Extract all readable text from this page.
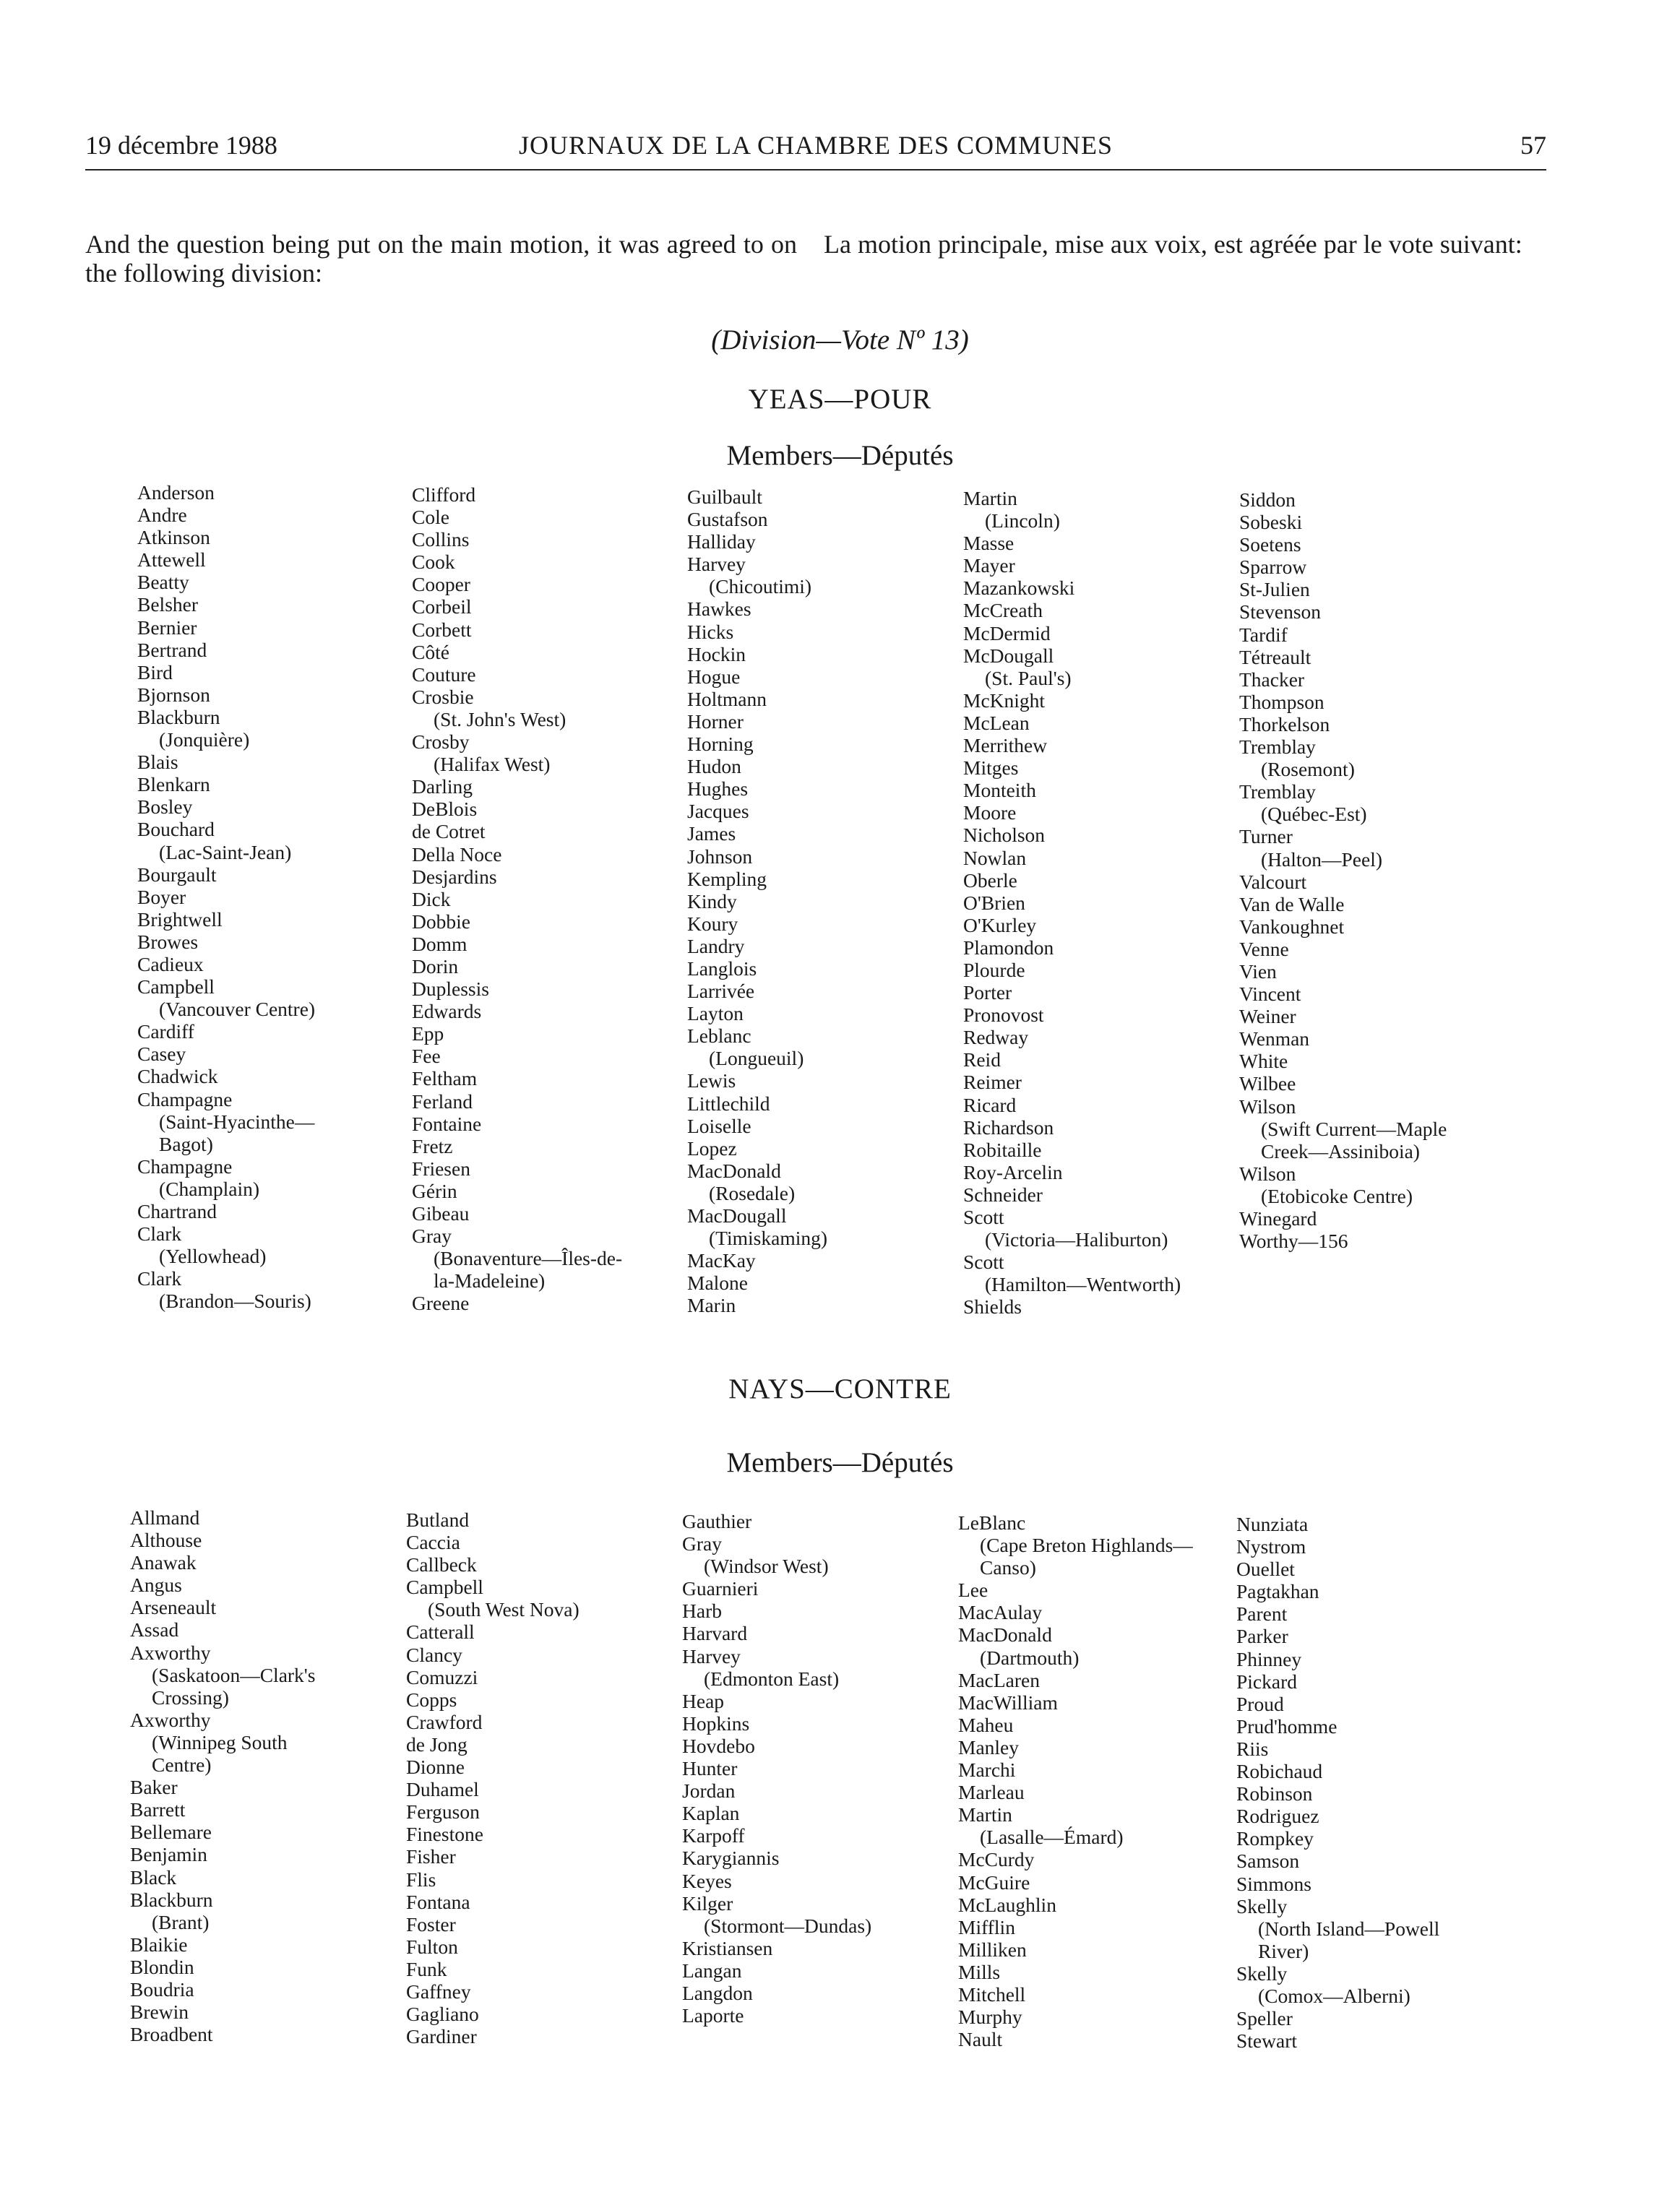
19 décembre 1988	JOURNAUX DE LA CHAMBRE DES COMMUNES	57
And the question being put on the main motion, it was agreed to on the following division:
La motion principale, mise aux voix, est agréée par le vote suivant:
(Division—Vote Nº 13)
YEAS—POUR
Members—Députés
Anderson
Andre
Atkinson
Attewell
Beatty
Belsher
Bernier
Bertrand
Bird
Bjornson
Blackburn
(Jonquière)
Blais
Blenkarn
Bosley
Bouchard
(Lac-Saint-Jean)
Bourgault
Boyer
Brightwell
Browes
Cadieux
Campbell
(Vancouver Centre)
Cardiff
Casey
Chadwick
Champagne
(Saint-Hyacinthe—
Bagot)
Champagne
(Champlain)
Chartrand
Clark
(Yellowhead)
Clark
(Brandon—Souris)
Clifford
Cole
Collins
Cook
Cooper
Corbeil
Corbett
Côté
Couture
Crosbie
(St. John's West)
Crosby
(Halifax West)
Darling
DeBlois
de Cotret
Della Noce
Desjardins
Dick
Dobbie
Domm
Dorin
Duplessis
Edwards
Epp
Fee
Feltham
Ferland
Fontaine
Fretz
Friesen
Gérin
Gibeau
Gray
(Bonaventure—Îles-de-
la-Madeleine)
Greene
Guilbault
Gustafson
Halliday
Harvey
(Chicoutimi)
Hawkes
Hicks
Hockin
Hogue
Holtmann
Horner
Horning
Hudon
Hughes
Jacques
James
Johnson
Kempling
Kindy
Koury
Landry
Langlois
Larrivée
Layton
Leblanc
(Longueuil)
Lewis
Littlechild
Loiselle
Lopez
MacDonald
(Rosedale)
MacDougall
(Timiskaming)
MacKay
Malone
Marin
Martin
(Lincoln)
Masse
Mayer
Mazankowski
McCreath
McDermid
McDougall
(St. Paul's)
McKnight
McLean
Merrithew
Mitges
Monteith
Moore
Nicholson
Nowlan
Oberle
O'Brien
O'Kurley
Plamondon
Plourde
Porter
Pronovost
Redway
Reid
Reimer
Ricard
Richardson
Robitaille
Roy-Arcelin
Schneider
Scott
(Victoria—Haliburton)
Scott
(Hamilton—Wentworth)
Shields
Siddon
Sobeski
Soetens
Sparrow
St-Julien
Stevenson
Tardif
Tétreault
Thacker
Thompson
Thorkelson
Tremblay
(Rosemont)
Tremblay
(Québec-Est)
Turner
(Halton—Peel)
Valcourt
Van de Walle
Vankoughnet
Venne
Vien
Vincent
Weiner
Wenman
White
Wilbee
Wilson
(Swift Current—Maple
Creek—Assiniboia)
Wilson
(Etobicoke Centre)
Winegard
Worthy—156
NAYS—CONTRE
Members—Députés
Allmand
Althouse
Anawak
Angus
Arseneault
Assad
Axworthy
(Saskatoon—Clark's
Crossing)
Axworthy
(Winnipeg South
Centre)
Baker
Barrett
Bellemare
Benjamin
Black
Blackburn
(Brant)
Blaikie
Blondin
Boudria
Brewin
Broadbent
Butland
Caccia
Callbeck
Campbell
(South West Nova)
Catterall
Clancy
Comuzzi
Copps
Crawford
de Jong
Dionne
Duhamel
Ferguson
Finestone
Fisher
Flis
Fontana
Foster
Fulton
Funk
Gaffney
Gagliano
Gardiner
Gauthier
Gray
(Windsor West)
Guarnieri
Harb
Harvard
Harvey
(Edmonton East)
Heap
Hopkins
Hovdebo
Hunter
Jordan
Kaplan
Karpoff
Karygiannis
Keyes
Kilger
(Stormont—Dundas)
Kristiansen
Langan
Langdon
Laporte
LeBlanc
(Cape Breton Highlands—
Canso)
Lee
MacAulay
MacDonald
(Dartmouth)
MacLaren
MacWilliam
Maheu
Manley
Marchi
Marleau
Martin
(Lasalle—Émard)
McCurdy
McGuire
McLaughlin
Mifflin
Milliken
Mills
Mitchell
Murphy
Nault
Nunziata
Nystrom
Ouellet
Pagtakhan
Parent
Parker
Phinney
Pickard
Proud
Prud'homme
Riis
Robichaud
Robinson
Rodriguez
Rompkey
Samson
Simmons
Skelly
(North Island—Powell
River)
Skelly
(Comox—Alberni)
Speller
Stewart
